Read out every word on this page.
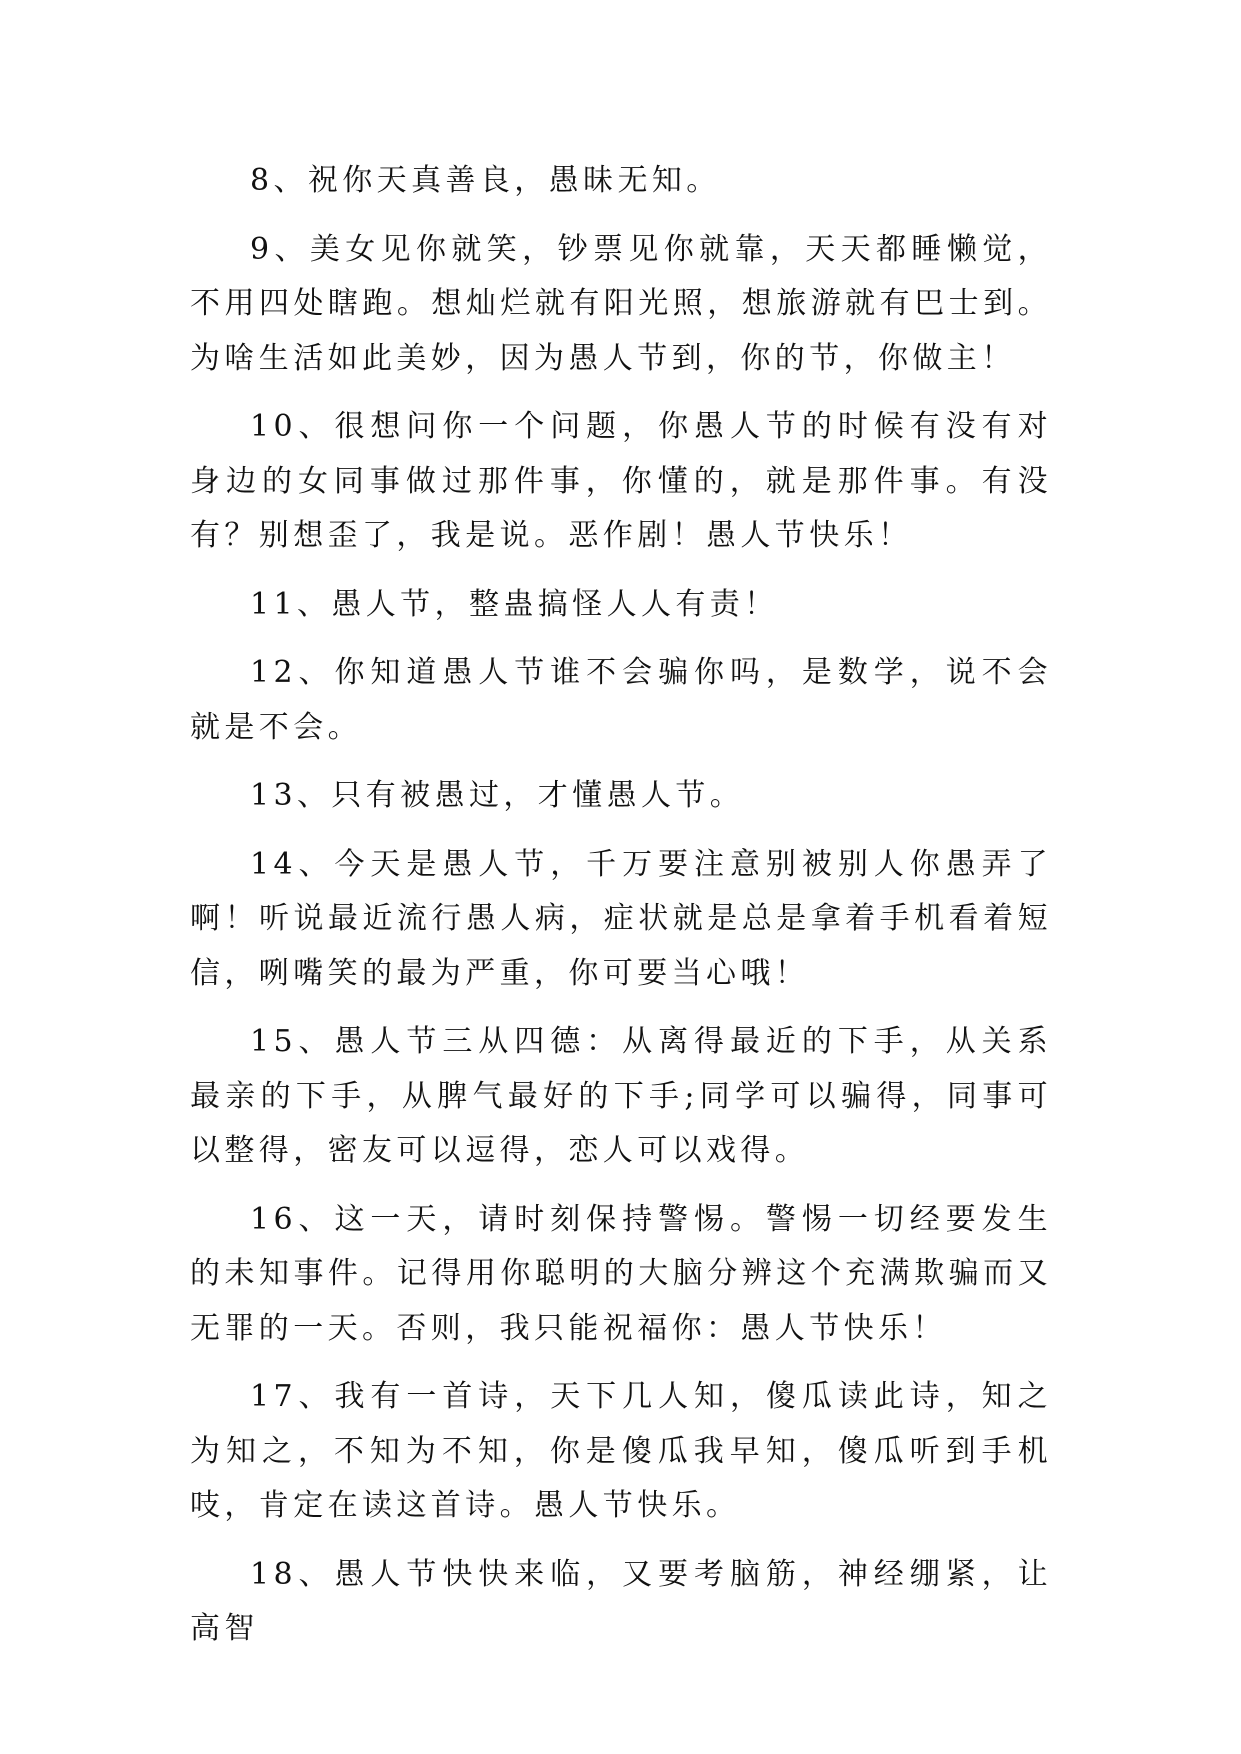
8、祝你天真善良，愚昧无知。

9、美女见你就笑，钞票见你就靠，天天都睡懒觉，不用四处瞎跑。想灿烂就有阳光照，想旅游就有巴士到。为啥生活如此美妙，因为愚人节到，你的节，你做主！

10、很想问你一个问题，你愚人节的时候有没有对身边的女同事做过那件事，你懂的，就是那件事。有没有？别想歪了，我是说。恶作剧！愚人节快乐！

11、愚人节，整蛊搞怪人人有责！

12、你知道愚人节谁不会骗你吗，是数学，说不会就是不会。

13、只有被愚过，才懂愚人节。

14、今天是愚人节，千万要注意别被别人你愚弄了啊！听说最近流行愚人病，症状就是总是拿着手机看着短信，咧嘴笑的最为严重，你可要当心哦！

15、愚人节三从四德：从离得最近的下手，从关系最亲的下手，从脾气最好的下手;同学可以骗得，同事可以整得，密友可以逗得，恋人可以戏得。

16、这一天，请时刻保持警惕。警惕一切经要发生的未知事件。记得用你聪明的大脑分辨这个充满欺骗而又无罪的一天。否则，我只能祝福你：愚人节快乐！

17、我有一首诗，天下几人知，傻瓜读此诗，知之为知之，不知为不知，你是傻瓜我早知，傻瓜听到手机吱，肯定在读这首诗。愚人节快乐。

18、愚人节快快来临，又要考脑筋，神经绷紧，让高智
